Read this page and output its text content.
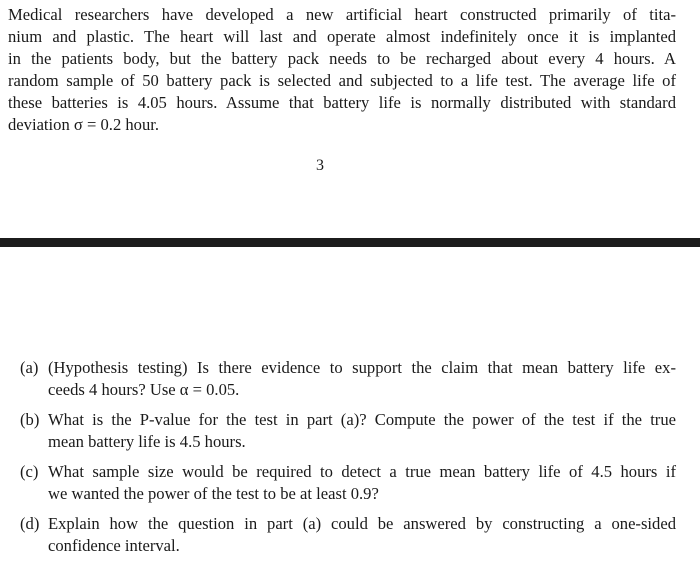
Medical researchers have developed a new artificial heart constructed primarily of tita-
nium and plastic. The heart will last and operate almost indefinitely once it is implanted
in the patients body, but the battery pack needs to be recharged about every 4 hours. A
random sample of 50 battery pack is selected and subjected to a life test. The average life of
these batteries is 4.05 hours. Assume that battery life is normally distributed with standard
deviation σ = 0.2 hour.
3
(a) (Hypothesis testing) Is there evidence to support the claim that mean battery life ex-
ceeds 4 hours? Use α = 0.05.
(b) What is the P-value for the test in part (a)? Compute the power of the test if the true
mean battery life is 4.5 hours.
(c) What sample size would be required to detect a true mean battery life of 4.5 hours if
we wanted the power of the test to be at least 0.9?
(d) Explain how the question in part (a) could be answered by constructing a one-sided
confidence interval.
